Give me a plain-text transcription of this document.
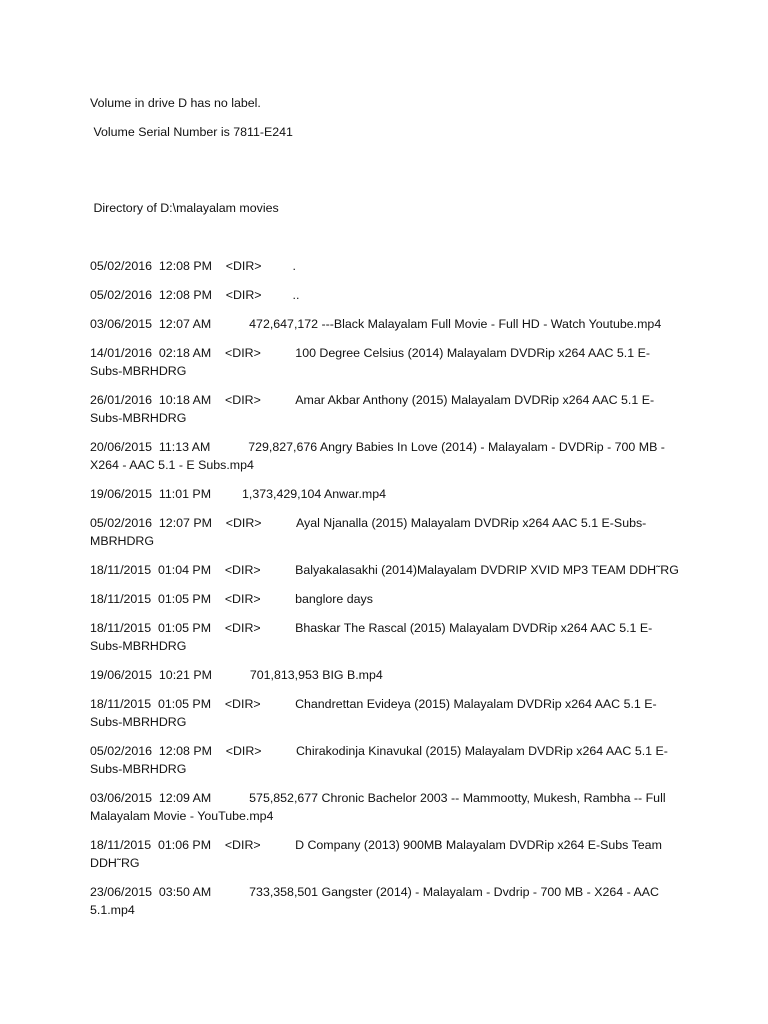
Volume in drive D has no label.

Volume Serial Number is 7811-E241

Directory of D:\malayalam movies

05/02/2016 12:08 PM <DIR> .

05/02/2016 12:08 PM <DIR> ..

03/06/2015 12:07 AM	472,647,172 ---Black Malayalam Full Movie - Full HD - Watch Youtube.mp4

14/01/2016 02:18 AM <DIR>	100 Degree Celsius (2014) Malayalam DVDRip x264 AAC 5.1 E-Subs-MBRHDRG

26/01/2016 10:18 AM <DIR>	Amar Akbar Anthony (2015) Malayalam DVDRip x264 AAC 5.1 E-Subs-MBRHDRG

20/06/2015 11:13 AM	729,827,676 Angry Babies In Love (2014) - Malayalam - DVDRip - 700 MB - X264 - AAC 5.1 - E Subs.mp4

19/06/2015 11:01 PM	1,373,429,104 Anwar.mp4

05/02/2016 12:07 PM <DIR>	Ayal Njanalla (2015) Malayalam DVDRip x264 AAC 5.1 E-Subs-MBRHDRG

18/11/2015 01:04 PM <DIR>	Balyakalasakhi (2014)Malayalam DVDRIP XVID MP3 TEAM DDH˜RG

18/11/2015 01:05 PM <DIR>	banglore days

18/11/2015 01:05 PM <DIR>	Bhaskar The Rascal (2015) Malayalam DVDRip x264 AAC 5.1 E-Subs-MBRHDRG

19/06/2015 10:21 PM	701,813,953 BIG B.mp4

18/11/2015 01:05 PM <DIR>	Chandrettan Evideya (2015) Malayalam DVDRip x264 AAC 5.1 E-Subs-MBRHDRG

05/02/2016 12:08 PM <DIR>	Chirakodinja Kinavukal (2015) Malayalam DVDRip x264 AAC 5.1 E-Subs-MBRHDRG

03/06/2015 12:09 AM	575,852,677 Chronic Bachelor 2003 -- Mammootty, Mukesh, Rambha -- Full Malayalam Movie - YouTube.mp4

18/11/2015 01:06 PM <DIR>	D Company (2013) 900MB Malayalam DVDRip x264 E-Subs Team DDH˜RG

23/06/2015 03:50 AM	733,358,501 Gangster (2014) - Malayalam - Dvdrip - 700 MB - X264 - AAC 5.1.mp4
